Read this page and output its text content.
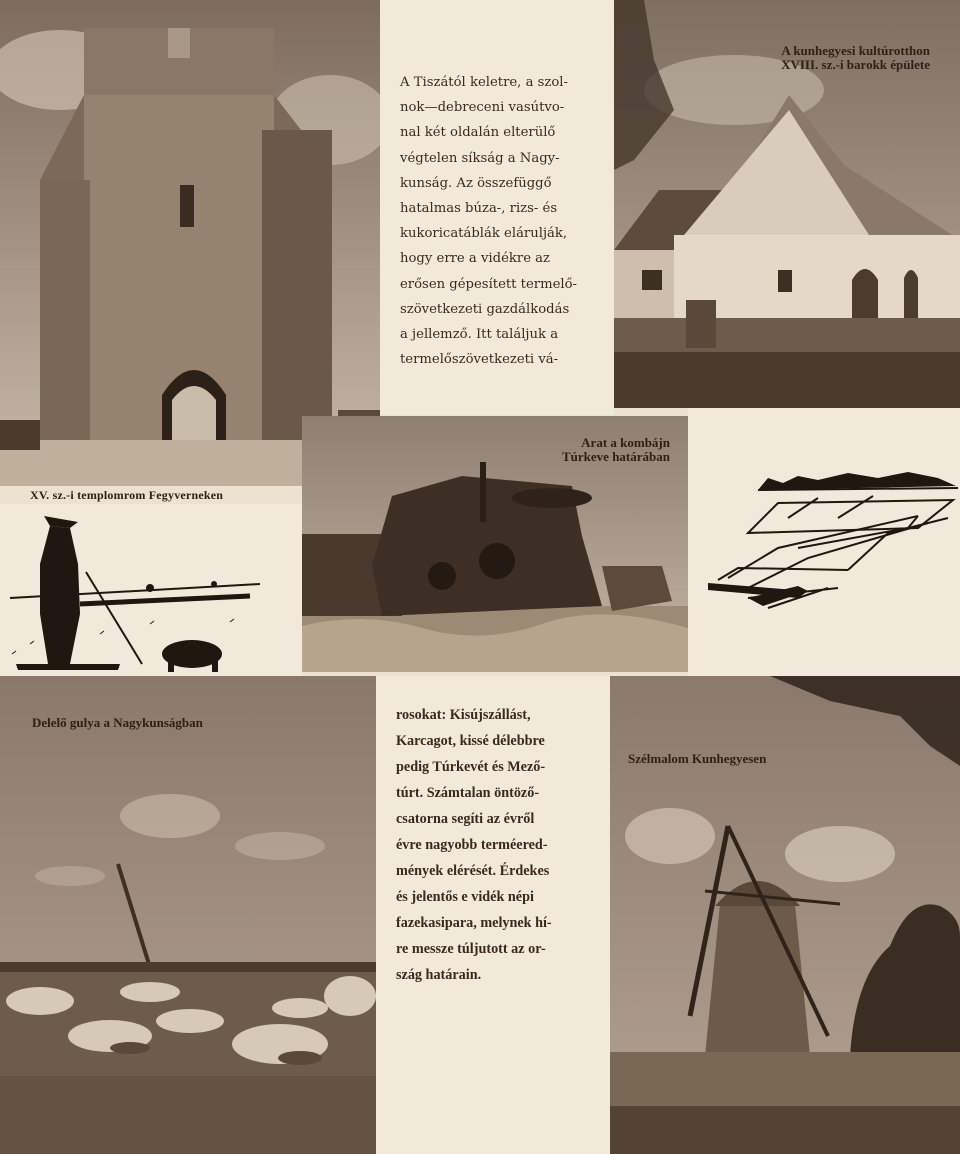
A Tiszától keletre, a szol-

nok—debreceni vasútvo-

nal két oldalán elterülő

végtelen síkság a Nagy-

kunság. Az összefüggő

hatalmas búza-, rizs- és

kukoricatáblák elárulják,

hogy erre a vidékre az

erősen gépesített termelő-

szövetkezeti gazdálkodás

a jellemző. Itt találjuk a

termelőszövetkezeti vá-

A kunhegyesi kultúrotthon
XVIII. sz.-i barokk épülete
XV. sz.-i templomrom Fegyverneken
Arat a kombájn
Túrkeve határában
Delelő gulya a Nagykunságban	rosokat: Kisújszállást,

Karcagot, kissé délebbre

pedig Túrkevét és Mező-

túrt. Számtalan öntöző-

csatorna segíti az évről

évre nagyobb terméered-

mények elérését. Érdekes

és jelentős e vidék népi

fazekasipara, melynek hí-

re messze túljutott az or-

szág határain.

Szélmalom Kunhegyesen
